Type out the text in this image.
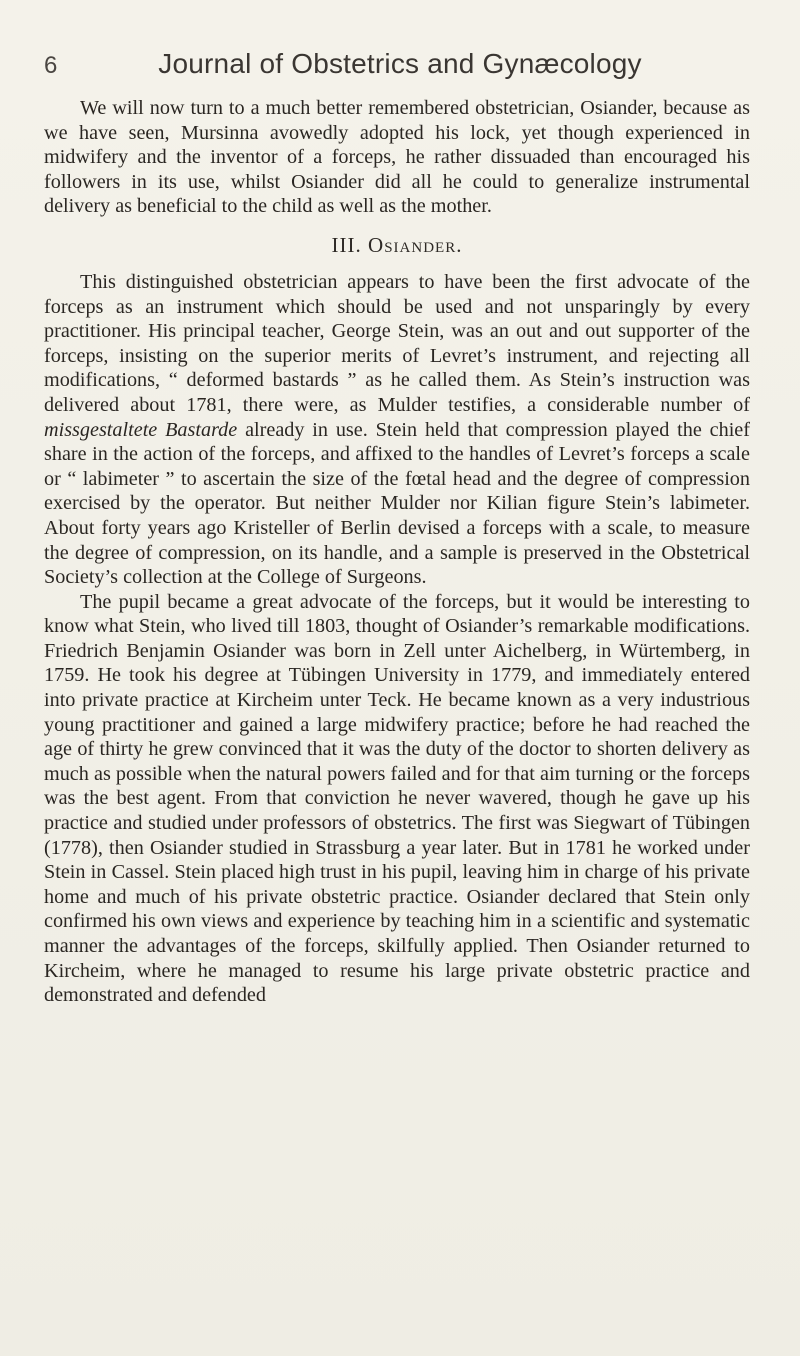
6	Journal of Obstetrics and Gynæcology

We will now turn to a much better remembered obstetrician, Osiander, because as we have seen, Mursinna avowedly adopted his lock, yet though experienced in midwifery and the inventor of a forceps, he rather dissuaded than encouraged his followers in its use, whilst Osiander did all he could to generalize instrumental delivery as beneficial to the child as well as the mother.

III. Osiander.

This distinguished obstetrician appears to have been the first advocate of the forceps as an instrument which should be used and not unsparingly by every practitioner. His principal teacher, George Stein, was an out and out supporter of the forceps, insisting on the superior merits of Levret’s instrument, and rejecting all modifications, “ deformed bastards ” as he called them. As Stein’s instruction was delivered about 1781, there were, as Mulder testifies, a considerable number of missgestaltete Bastarde already in use. Stein held that compression played the chief share in the action of the forceps, and affixed to the handles of Levret’s forceps a scale or “ labimeter ” to ascertain the size of the fœtal head and the degree of compression exercised by the operator. But neither Mulder nor Kilian figure Stein’s labimeter. About forty years ago Kristeller of Berlin devised a forceps with a scale, to measure the degree of compression, on its handle, and a sample is preserved in the Obstetrical Society’s collection at the College of Surgeons.

The pupil became a great advocate of the forceps, but it would be interesting to know what Stein, who lived till 1803, thought of Osiander’s remarkable modifications. Friedrich Benjamin Osiander was born in Zell unter Aichelberg, in Würtemberg, in 1759. He took his degree at Tübingen University in 1779, and immediately entered into private practice at Kircheim unter Teck. He became known as a very industrious young practitioner and gained a large midwifery practice; before he had reached the age of thirty he grew convinced that it was the duty of the doctor to shorten delivery as much as possible when the natural powers failed and for that aim turning or the forceps was the best agent. From that conviction he never wavered, though he gave up his practice and studied under professors of obstetrics. The first was Siegwart of Tübingen (1778), then Osiander studied in Strassburg a year later. But in 1781 he worked under Stein in Cassel. Stein placed high trust in his pupil, leaving him in charge of his private home and much of his private obstetric practice. Osiander declared that Stein only confirmed his own views and experience by teaching him in a scientific and systematic manner the advantages of the forceps, skilfully applied. Then Osiander returned to Kircheim, where he managed to resume his large private obstetric practice and demonstrated and defended
